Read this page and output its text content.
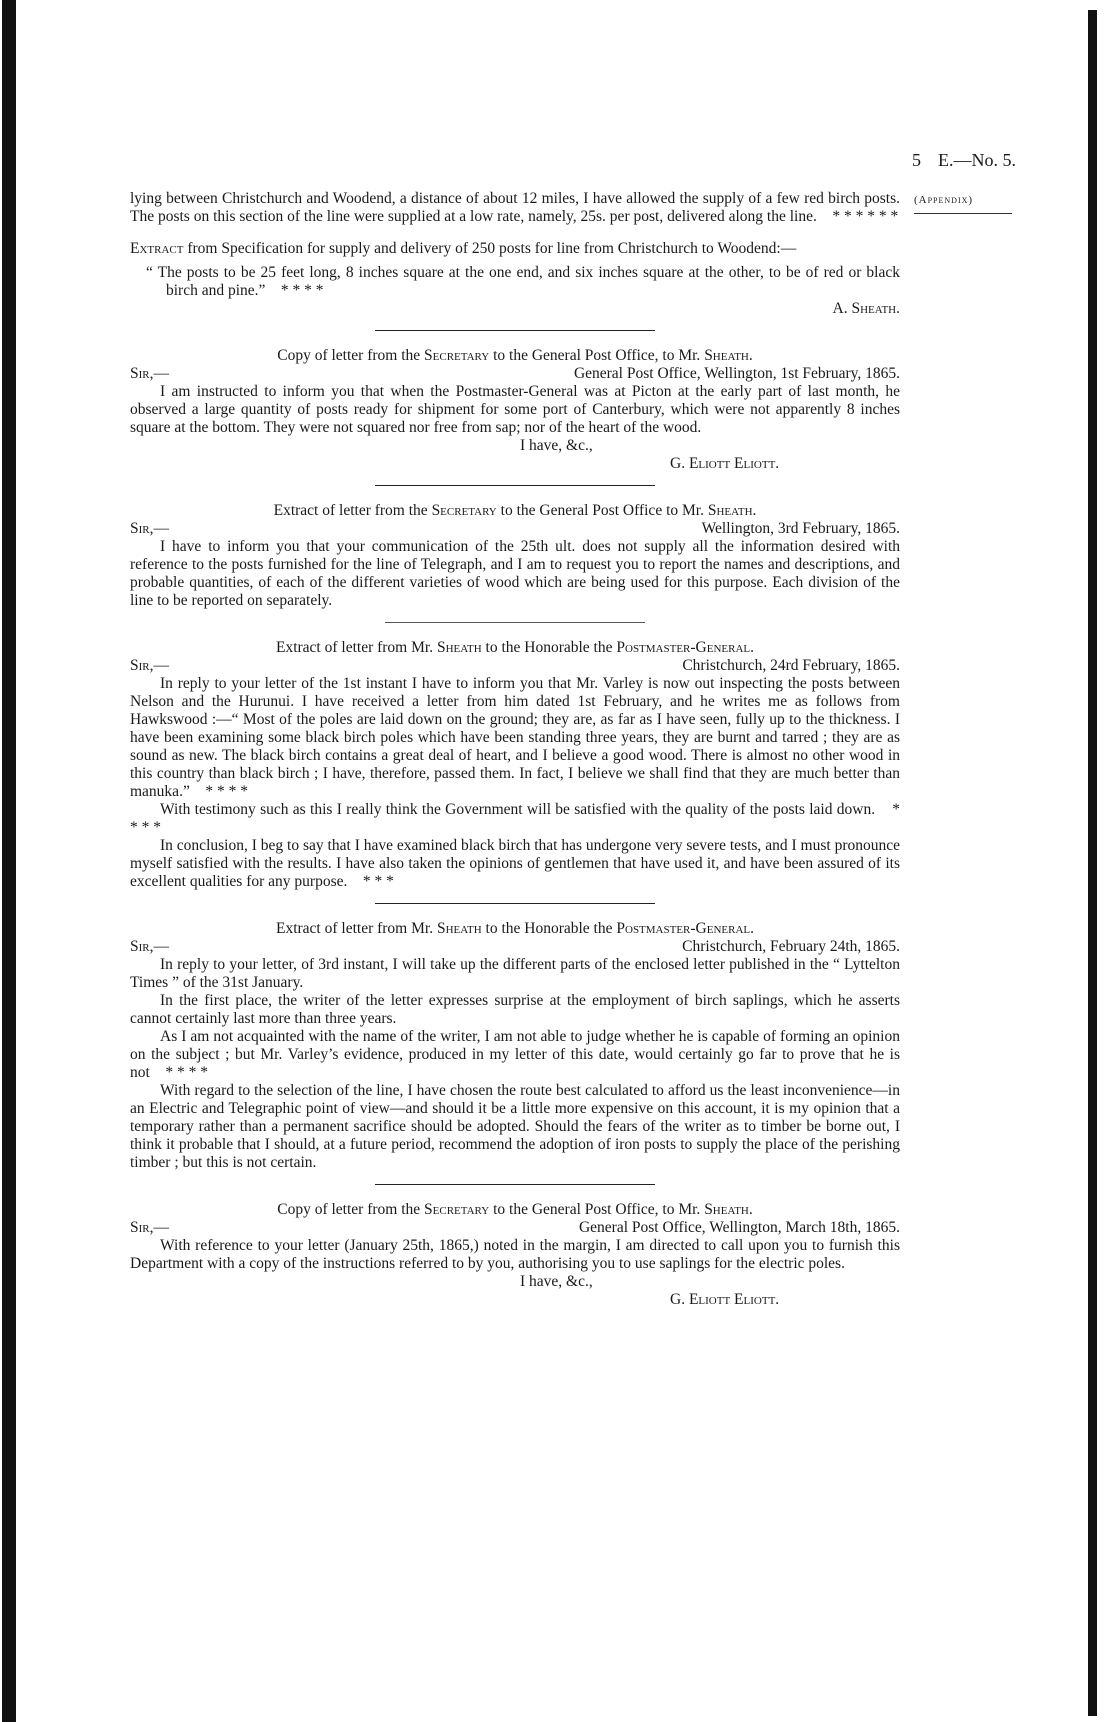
5 E.—No. 5.
(Appendix)

lying between Christchurch and Woodend, a distance of about 12 miles, I have allowed the supply of a few red birch posts. The posts on this section of the line were supplied at a low rate, namely, 25s. per post, delivered along the line. * * * * * *

Extract from Specification for supply and delivery of 250 posts for line from Christchurch to Woodend:—

“ The posts to be 25 feet long, 8 inches square at the one end, and six inches square at the other, to be of red or black birch and pine.” * * * *

A. Sheath.

Copy of letter from the Secretary to the General Post Office, to Mr. Sheath.

Sir,—	General Post Office, Wellington, 1st February, 1865.

I am instructed to inform you that when the Postmaster-General was at Picton at the early part of last month, he observed a large quantity of posts ready for shipment for some port of Canterbury, which were not apparently 8 inches square at the bottom. They were not squared nor free from sap; nor of the heart of the wood.

I have, &c.,

G. Eliott Eliott.

Extract of letter from the Secretary to the General Post Office to Mr. Sheath.

Sir,—	Wellington, 3rd February, 1865.

I have to inform you that your communication of the 25th ult. does not supply all the information desired with reference to the posts furnished for the line of Telegraph, and I am to request you to report the names and descriptions, and probable quantities, of each of the different varieties of wood which are being used for this purpose. Each division of the line to be reported on separately.

Extract of letter from Mr. Sheath to the Honorable the Postmaster-General.

Sir,—	Christchurch, 24rd February, 1865.

In reply to your letter of the 1st instant I have to inform you that Mr. Varley is now out inspecting the posts between Nelson and the Hurunui. I have received a letter from him dated 1st February, and he writes me as follows from Hawkswood :—“ Most of the poles are laid down on the ground; they are, as far as I have seen, fully up to the thickness. I have been examining some black birch poles which have been standing three years, they are burnt and tarred ; they are as sound as new. The black birch contains a great deal of heart, and I believe a good wood. There is almost no other wood in this country than black birch ; I have, therefore, passed them. In fact, I believe we shall find that they are much better than manuka.” * * * *

With testimony such as this I really think the Government will be satisfied with the quality of the posts laid down. * * * *

In conclusion, I beg to say that I have examined black birch that has undergone very severe tests, and I must pronounce myself satisfied with the results. I have also taken the opinions of gentlemen that have used it, and have been assured of its excellent qualities for any purpose. * * *

Extract of letter from Mr. Sheath to the Honorable the Postmaster-General.

Sir,—	Christchurch, February 24th, 1865.

In reply to your letter, of 3rd instant, I will take up the different parts of the enclosed letter published in the “ Lyttelton Times ” of the 31st January.

In the first place, the writer of the letter expresses surprise at the employment of birch saplings, which he asserts cannot certainly last more than three years.

As I am not acquainted with the name of the writer, I am not able to judge whether he is capable of forming an opinion on the subject ; but Mr. Varley’s evidence, produced in my letter of this date, would certainly go far to prove that he is not * * * *

With regard to the selection of the line, I have chosen the route best calculated to afford us the least inconvenience—in an Electric and Telegraphic point of view—and should it be a little more expensive on this account, it is my opinion that a temporary rather than a permanent sacrifice should be adopted. Should the fears of the writer as to timber be borne out, I think it probable that I should, at a future period, recommend the adoption of iron posts to supply the place of the perishing timber ; but this is not certain.

Copy of letter from the Secretary to the General Post Office, to Mr. Sheath.

Sir,—	General Post Office, Wellington, March 18th, 1865.

With reference to your letter (January 25th, 1865,) noted in the margin, I am directed to call upon you to furnish this Department with a copy of the instructions referred to by you, authorising you to use saplings for the electric poles.

I have, &c.,

G. Eliott Eliott.
